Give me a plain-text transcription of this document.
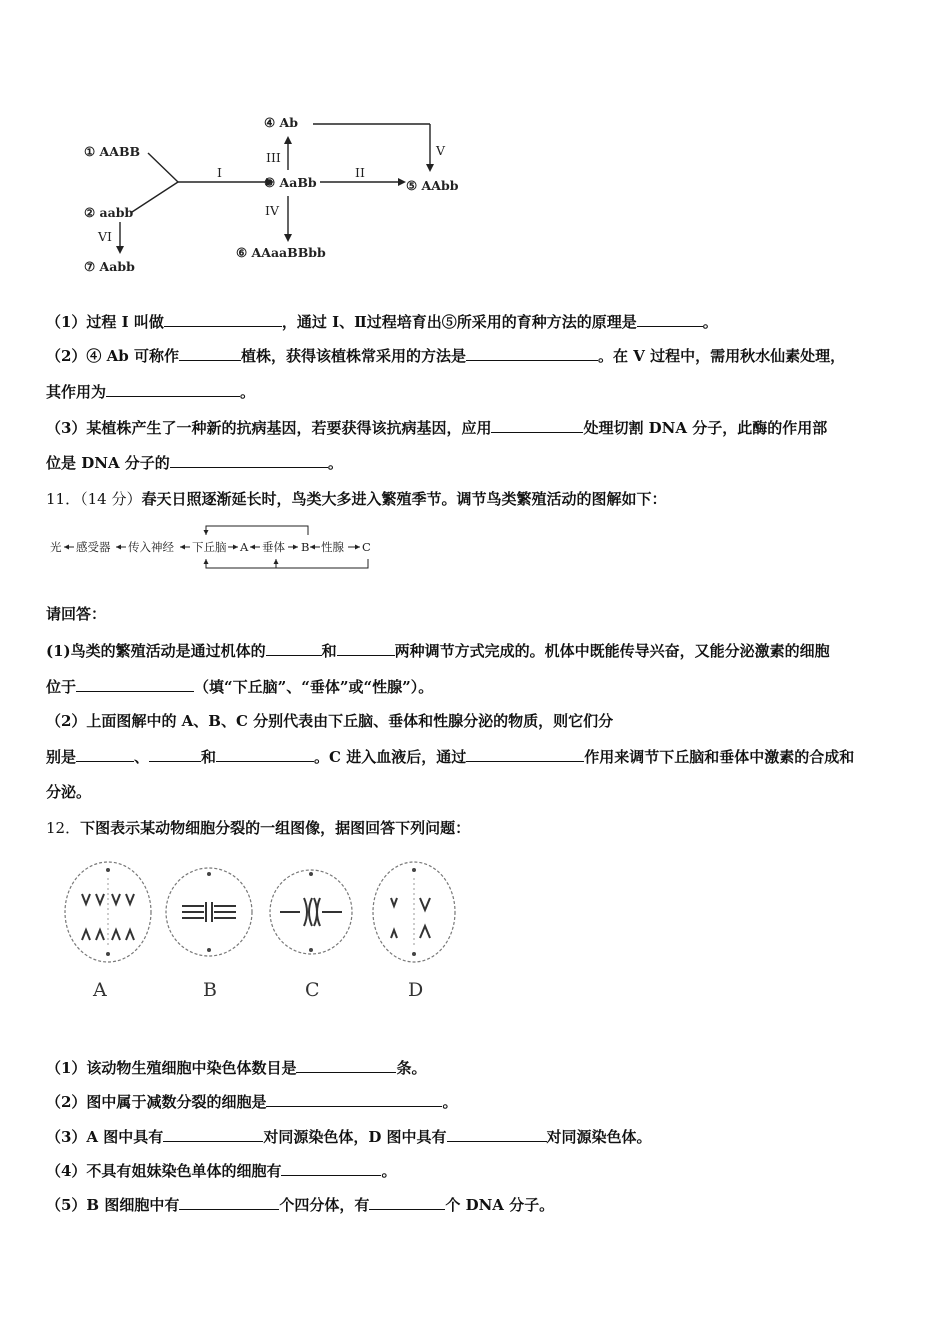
① AABB
② aabb
③ AaBb
④ Ab
⑤ AAbb
⑥ AAaaBBbb
⑦ Aabb
I	II
III
IV
V
VI
（1）过程 I 叫做	，通过 I、Ⅱ过程培育出⑤所采用的育种方法的原理是	。
（2）④ Ab 可称作	植株，获得该植株常采用的方法是	。在 V 过程中，需用秋水仙素处理，
其作用为	。
（3）某植株产生了一种新的抗病基因，若要获得该抗病基因，应用	处理切割 DNA 分子，此酶的作用部
位是 DNA 分子的	。
11．（14 分）春天日照逐渐延长时，鸟类大多进入繁殖季节。调节鸟类繁殖活动的图解如下：
光 感受器 传入神经 下丘脑 A 垂体 B 性腺 C
请回答：
(1)鸟类的繁殖活动是通过机体的	和	两种调节方式完成的。机体中既能传导兴奋，又能分泌激素的细胞
位于	（填“下丘脑”、“垂体”或“性腺”）。
（2）上面图解中的 A、B、C 分别代表由下丘脑、垂体和性腺分泌的物质，则它们分
别是	、	和	。C 进入血液后，通过	作用来调节下丘脑和垂体中激素的合成和
分泌。
12．下图表示某动物细胞分裂的一组图像，据图回答下列问题：
A	B	C	D
（1）该动物生殖细胞中染色体数目是	条。
（2）图中属于减数分裂的细胞是	。
（3）A 图中具有	对同源染色体，D 图中具有	对同源染色体。
（4）不具有姐妹染色单体的细胞有	。
（5）B 图细胞中有	个四分体，有	个 DNA 分子。
